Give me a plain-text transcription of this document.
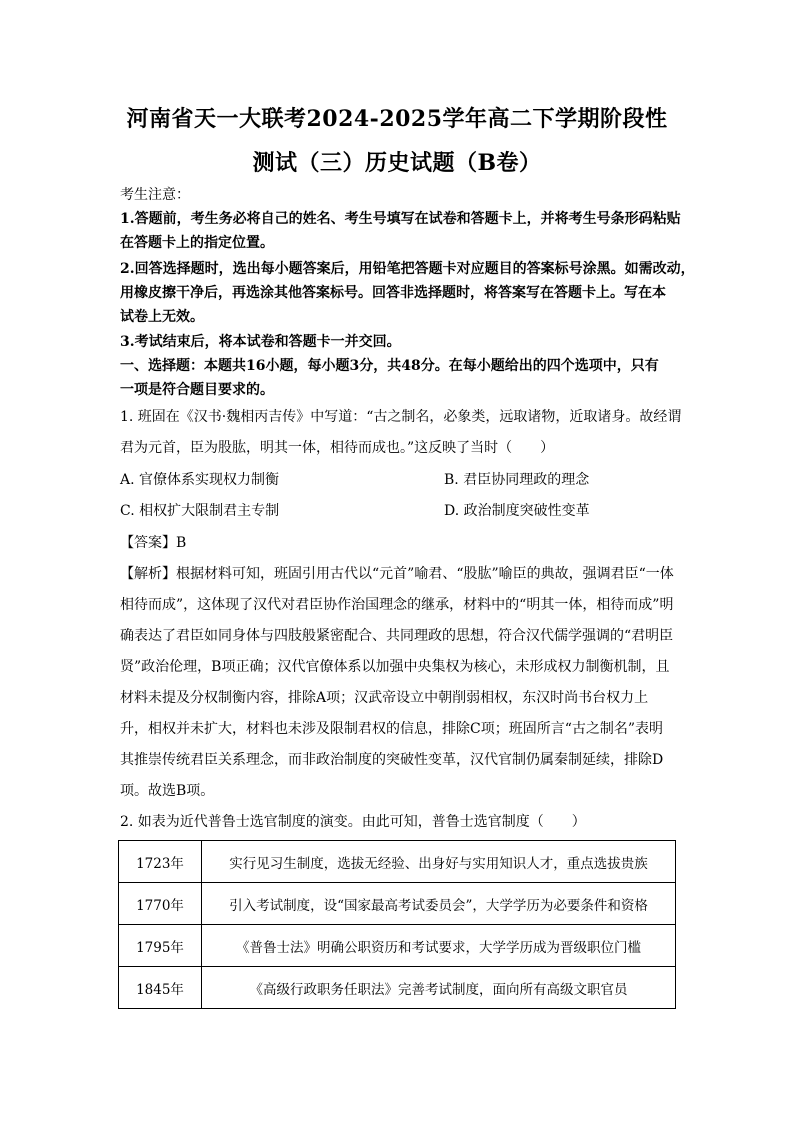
河南省天一大联考2024-2025学年高二下学期阶段性
测试（三）历史试题（B卷）
考生注意：
1.答题前，考生务必将自己的姓名、考生号填写在试卷和答题卡上，并将考生号条形码粘贴
在答题卡上的指定位置。
2.回答选择题时，选出每小题答案后，用铅笔把答题卡对应题目的答案标号涂黑。如需改动，
用橡皮擦干净后，再选涂其他答案标号。回答非选择题时，将答案写在答题卡上。写在本
试卷上无效。
3.考试结束后，将本试卷和答题卡一并交回。
一、选择题：本题共16小题，每小题3分，共48分。在每小题给出的四个选项中，只有
一项是符合题目要求的。
1. 班固在《汉书·魏相丙吉传》中写道：“古之制名，必象类，远取诸物，近取诸身。故经谓
君为元首，臣为股肱，明其一体，相待而成也。”这反映了当时（　　）
A. 官僚体系实现权力制衡	B. 君臣协同理政的理念
C. 相权扩大限制君主专制	D. 政治制度突破性变革
【答案】B
【解析】根据材料可知，班固引用古代以“元首”喻君、“股肱”喻臣的典故，强调君臣“一体
相待而成”，这体现了汉代对君臣协作治国理念的继承，材料中的“明其一体，相待而成”明
确表达了君臣如同身体与四肢般紧密配合、共同理政的思想，符合汉代儒学强调的“君明臣
贤”政治伦理，B项正确；汉代官僚体系以加强中央集权为核心，未形成权力制衡机制，且
材料未提及分权制衡内容，排除A项；汉武帝设立中朝削弱相权，东汉时尚书台权力上
升，相权并未扩大，材料也未涉及限制君权的信息，排除C项；班固所言“古之制名”表明
其推崇传统君臣关系理念，而非政治制度的突破性变革，汉代官制仍属秦制延续，排除D
项。故选B项。
2. 如表为近代普鲁士选官制度的演变。由此可知，普鲁士选官制度（　　）
1723年	实行见习生制度，选拔无经验、出身好与实用知识人才，重点选拔贵族
1770年	引入考试制度，设“国家最高考试委员会”，大学学历为必要条件和资格
1795年	《普鲁士法》明确公职资历和考试要求，大学学历成为晋级职位门槛
1845年	《高级行政职务任职法》完善考试制度，面向所有高级文职官员
